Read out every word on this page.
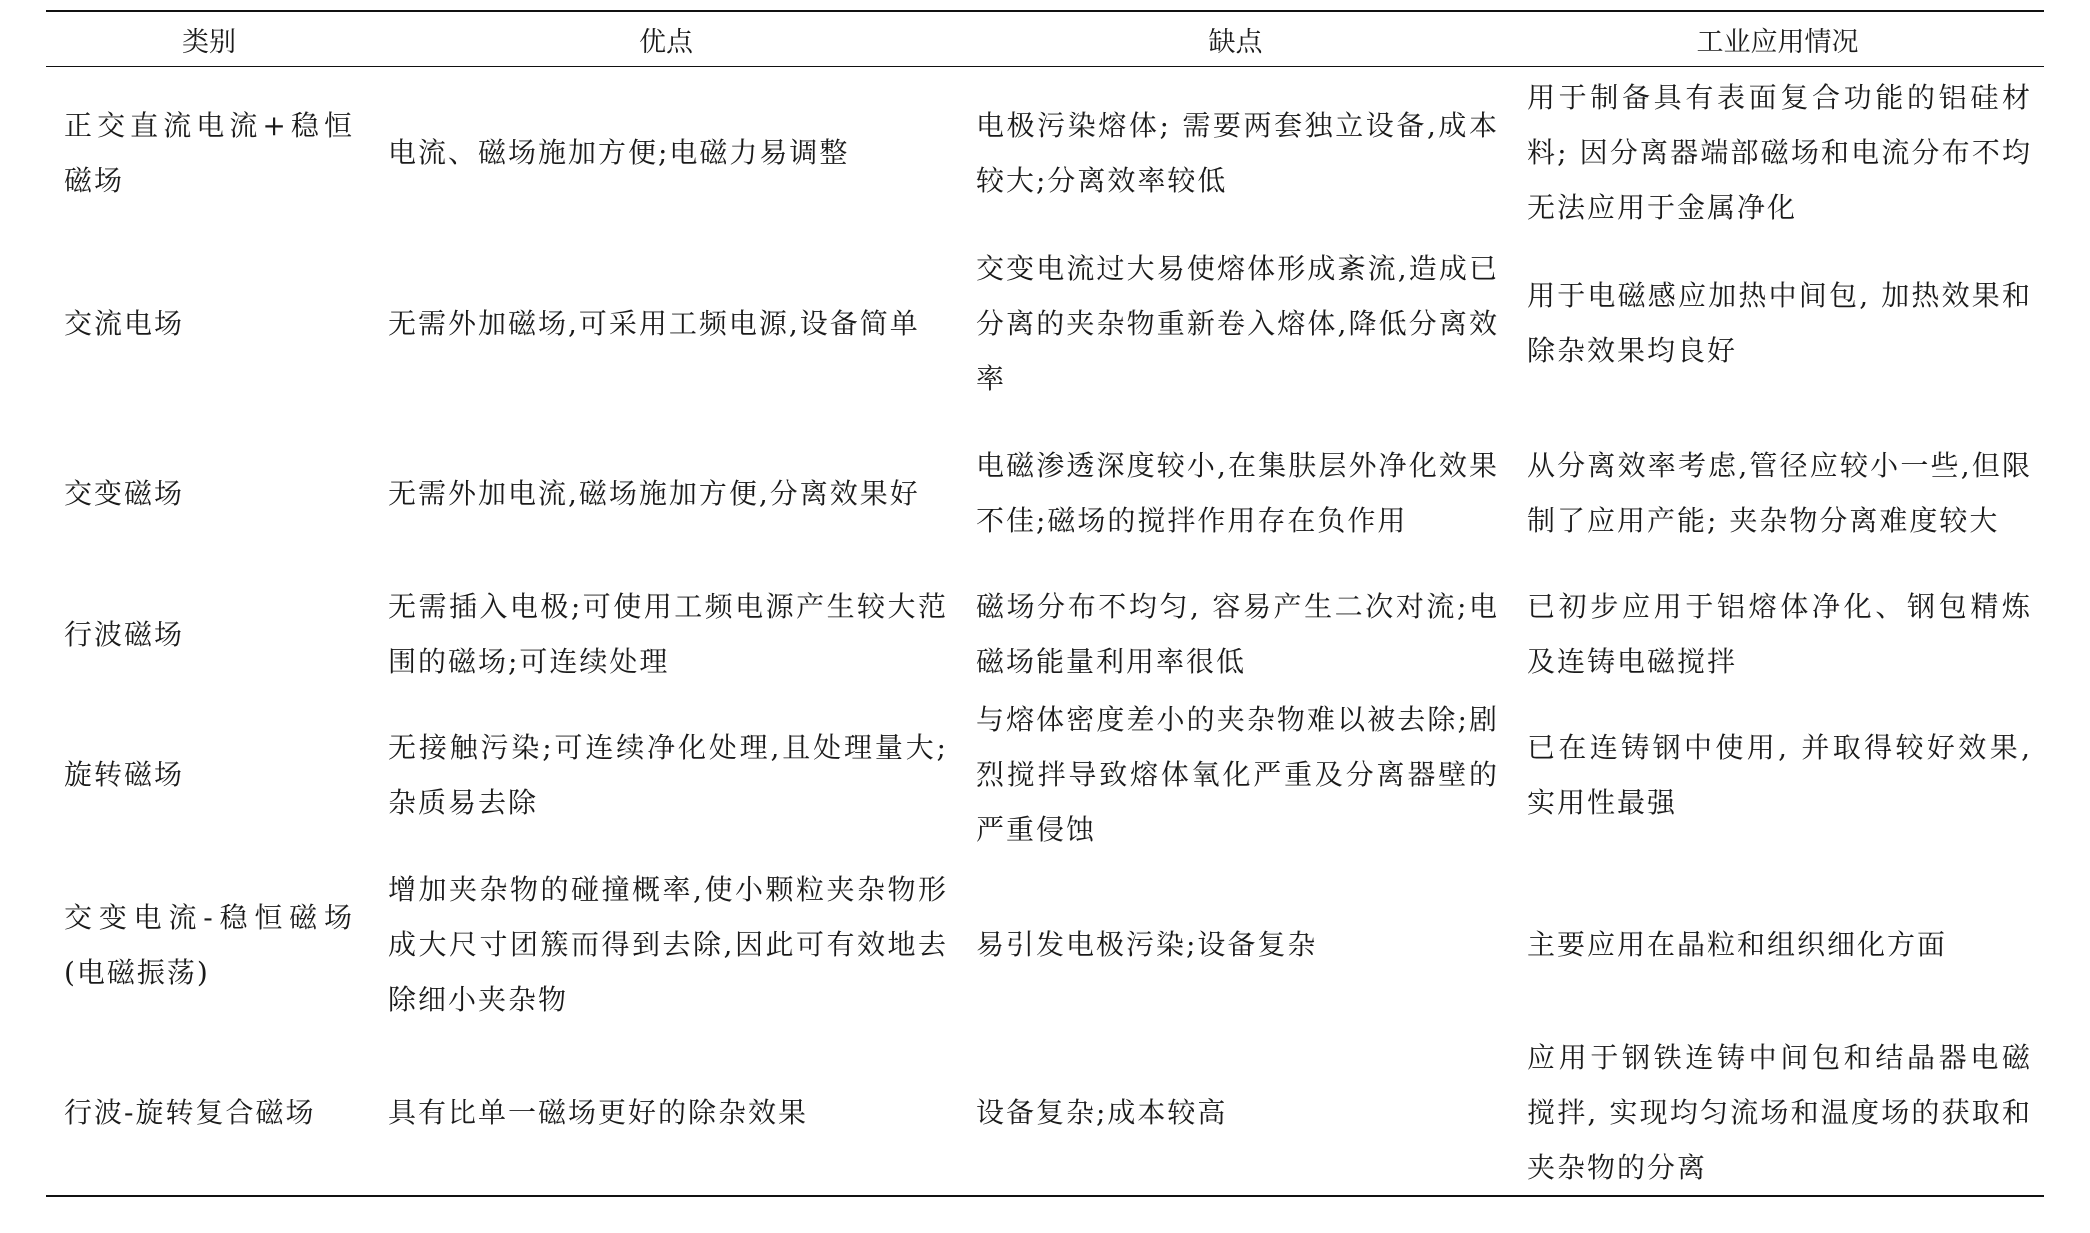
类别	优点	缺点	工业应用情况
正交直流电流+稳恒磁场	电流、磁场施加方便;电磁力易调整	电极污染熔体; 需要两套独立设备,成本较大;分离效率较低	用于制备具有表面复合功能的铝硅材料; 因分离器端部磁场和电流分布不均无法应用于金属净化
交流电场	无需外加磁场,可采用工频电源,设备简单	交变电流过大易使熔体形成紊流,造成已分离的夹杂物重新卷入熔体,降低分离效率	用于电磁感应加热中间包, 加热效果和除杂效果均良好
交变磁场	无需外加电流,磁场施加方便,分离效果好	电磁渗透深度较小,在集肤层外净化效果不佳;磁场的搅拌作用存在负作用	从分离效率考虑,管径应较小一些,但限制了应用产能; 夹杂物分离难度较大
行波磁场	无需插入电极;可使用工频电源产生较大范围的磁场;可连续处理	磁场分布不均匀, 容易产生二次对流;电磁场能量利用率很低	已初步应用于铝熔体净化、钢包精炼及连铸电磁搅拌
旋转磁场	无接触污染;可连续净化处理,且处理量大;杂质易去除	与熔体密度差小的夹杂物难以被去除;剧烈搅拌导致熔体氧化严重及分离器壁的严重侵蚀	已在连铸钢中使用, 并取得较好效果,实用性最强
交变电流-稳恒磁场(电磁振荡)	增加夹杂物的碰撞概率,使小颗粒夹杂物形成大尺寸团簇而得到去除,因此可有效地去除细小夹杂物	易引发电极污染;设备复杂	主要应用在晶粒和组织细化方面
行波-旋转复合磁场	具有比单一磁场更好的除杂效果	设备复杂;成本较高	应用于钢铁连铸中间包和结晶器电磁搅拌, 实现均匀流场和温度场的获取和夹杂物的分离
